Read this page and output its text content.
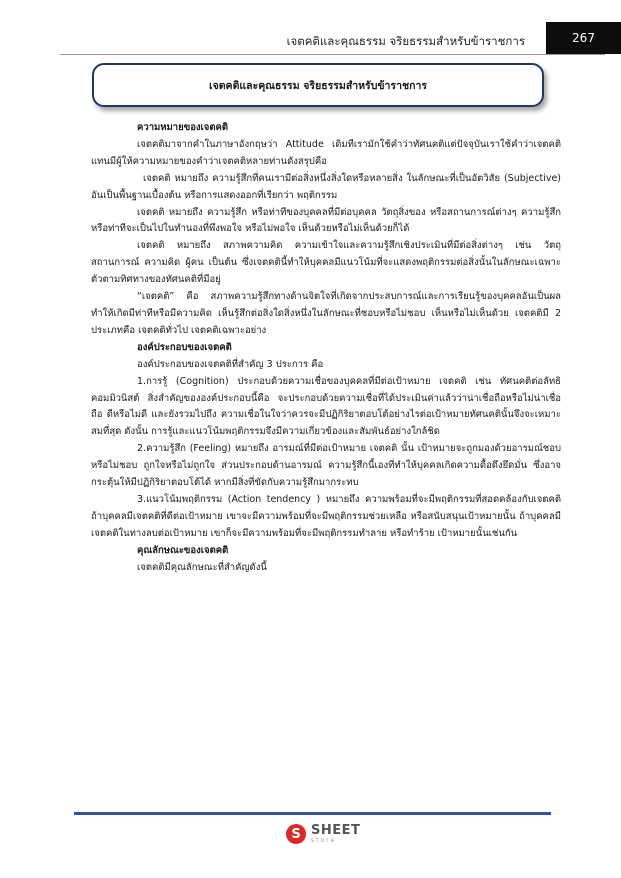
267
เจตคติและคุณธรรม จริยธรรมสำหรับข้าราชการ
เจตคติและคุณธรรม จริยธรรมสำหรับข้าราชการ

ความหมายของเจตคติ

เจตคติมาจากคำในภาษาอังกฤษว่า Attitude เดิมทีเรามักใช้คำว่าทัศนคติแต่ปัจจุบันเราใช้คำว่าเจตคติแทนมีผู้ให้ความหมายของคำว่าเจตคติหลายท่านดังสรุปคือ

เจตคติ หมายถึง ความรู้สึกที่คนเรามีต่อสิ่งหนึ่งสิ่งใดหรือหลายสิ่ง ในลักษณะที่เป็นอัตวิสัย (Subjective) อันเป็นพื้นฐานเบื้องต้น หรือการแสดงออกที่เรียกว่า พฤติกรรม

เจตคติ หมายถึง ความรู้สึก หรือท่าทีของบุคคลที่มีต่อบุคคล วัตถุสิ่งของ หรือสถานการณ์ต่างๆ ความรู้สึก หรือท่าทีจะเป็นไปในทำนองที่พึงพอใจ หรือไม่พอใจ เห็นด้วยหรือไม่เห็นด้วยก็ได้

เจตคติ หมายถึง สภาพความคิด ความเข้าใจและความรู้สึกเชิงประเมินที่มีต่อสิ่งต่างๆ เช่น วัตถุ สถานการณ์ ความคิด ผู้คน เป็นต้น ซึ่งเจตคตินี้ทำให้บุคคลมีแนวโน้มที่จะแสดงพฤติกรรมต่อสิ่งนั้นในลักษณะเฉพาะตัวตามทิศทางของทัศนคติที่มีอยู่

“เจตคติ” คือ สภาพความรู้สึกทางด้านจิตใจที่เกิดจากประสบการณ์และการเรียนรู้ของบุคคลอันเป็นผลทำให้เกิดมีท่าทีหรือมีความคิด เห็นรู้สึกต่อสิ่งใดสิ่งหนึ่งในลักษณะที่ชอบหรือไม่ชอบ เห็นหรือไม่เห็นด้วย เจตคติมี 2 ประเภทคือ เจตคติทั่วไป เจตคติเฉพาะอย่าง

องค์ประกอบของเจตคติ

องค์ประกอบของเจตคติที่สำคัญ 3 ประการ คือ

1.การรู้ (Cognition) ประกอบด้วยความเชื่อของบุคคลที่มีต่อเป้าหมาย เจตคติ เช่น ทัศนคติต่อลัทธิคอมมิวนิสต์ สิ่งสำคัญขององค์ประกอบนี้คือ จะประกอบด้วยความเชื่อที่ได้ประเมินค่าแล้วว่าน่าเชื่อถือหรือไม่น่าเชื่อถือ ดีหรือไม่ดี และยังรวมไปถึง ความเชื่อในใจว่าควรจะมีปฏิกิริยาตอบโต้อย่างไรต่อเป้าหมายทัศนคตินั้นจึงจะเหมาะสมที่สุด ดังนั้น การรู้และแนวโน้มพฤติกรรมจึงมีความเกี่ยวข้องและสัมพันธ์อย่างใกล้ชิด

2.ความรู้สึก (Feeling) หมายถึง อารมณ์ที่มีต่อเป้าหมาย เจตคติ นั้น เป้าหมายจะถูกมองด้วยอารมณ์ชอบหรือไม่ชอบ ถูกใจหรือไม่ถูกใจ ส่วนประกอบด้านอารมณ์ ความรู้สึกนี้เองที่ทำให้บุคคลเกิดความดื้อดึงยึดมั่น ซึ่งอาจกระตุ้นให้มีปฏิกิริยาตอบโต้ได้ หากมีสิ่งที่ขัดกับความรู้สึกมากระทบ

3.แนวโน้มพฤติกรรม (Action tendency ) หมายถึง ความพร้อมที่จะมีพฤติกรรมที่สอดคล้องกับเจตคติ ถ้าบุคคลมีเจตคติที่ดีต่อเป้าหมาย เขาจะมีความพร้อมที่จะมีพฤติกรรมช่วยเหลือ หรือสนับสนุนเป้าหมายนั้น ถ้าบุคคลมีเจตคติในทางลบต่อเป้าหมาย เขาก็จะมีความพร้อมที่จะมีพฤติกรรมทำลาย หรือทำร้าย เป้าหมายนั้นเช่นกัน

คุณลักษณะของเจตคติ

เจตคติมีคุณลักษณะที่สำคัญดังนี้

S SHEET
store
